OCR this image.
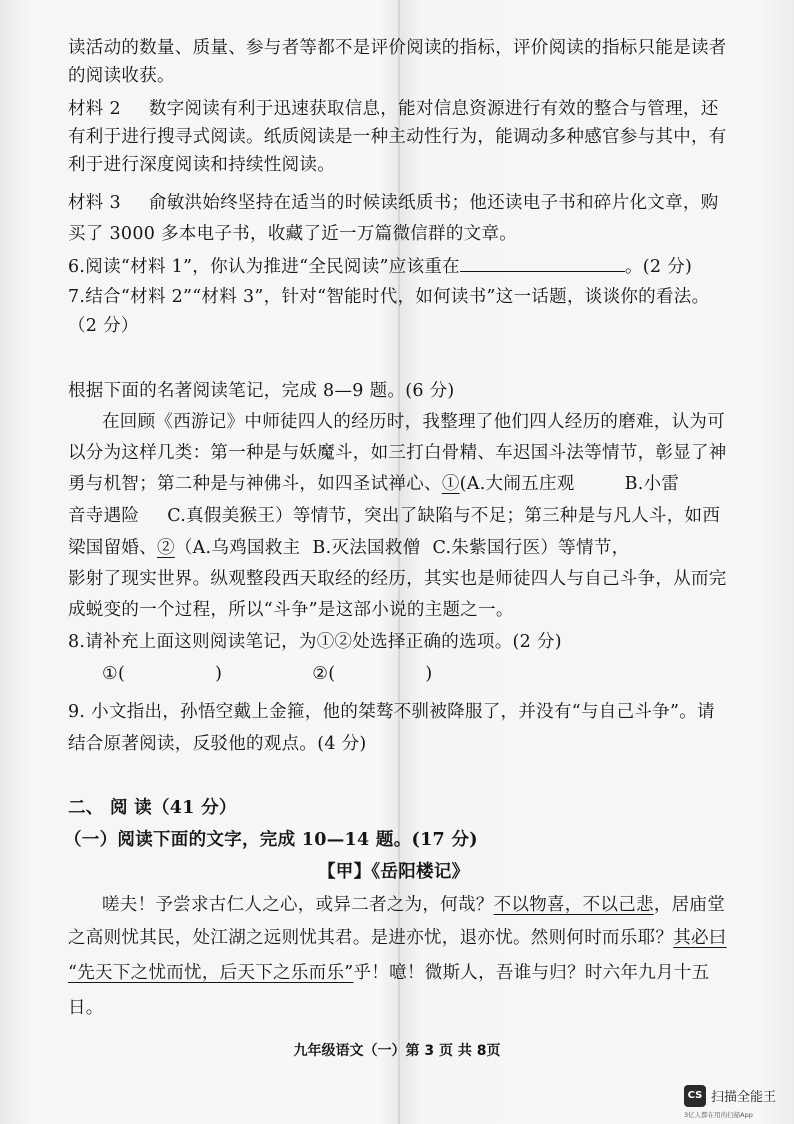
读活动的数量、质量、参与者等都不是评价阅读的指标，评价阅读的指标只能是读者
的阅读收获。
材料 2 数字阅读有利于迅速获取信息，能对信息资源进行有效的整合与管理，还
有利于进行搜寻式阅读。纸质阅读是一种主动性行为，能调动多种感官参与其中，有
利于进行深度阅读和持续性阅读。
材料 3 俞敏洪始终坚持在适当的时候读纸质书；他还读电子书和碎片化文章，购
买了 3000 多本电子书，收藏了近一万篇微信群的文章。
6.阅读“材料 1”，你认为推进“全民阅读”应该重在	。(2 分)
7.结合“材料 2”“材料 3”，针对“智能时代，如何读书”这一话题，谈谈你的看法。
（2 分）
根据下面的名著阅读笔记，完成 8—9 题。(6 分)
在回顾《西游记》中师徒四人的经历时，我整理了他们四人经历的磨难，认为可
以分为这样几类：第一种是与妖魔斗，如三打白骨精、车迟国斗法等情节，彰显了神
勇与机智；第二种是与神佛斗，如四圣试禅心、①(A.大闹五庄观	B.小雷
音寺遇险 C.真假美猴王）等情节，突出了缺陷与不足；第三种是与凡人斗，如西
梁国留婚、②（A.乌鸡国救主 B.灭法国救僧 C.朱紫国行医）等情节，
影射了现实世界。纵观整段西天取经的经历，其实也是师徒四人与自己斗争，从而完
成蜕变的一个过程，所以“斗争”是这部小说的主题之一。
8.请补充上面这则阅读笔记，为①②处选择正确的选项。(2 分)
①(	)	②(	)
9. 小文指出，孙悟空戴上金箍，他的桀骜不驯被降服了，并没有“与自己斗争”。请
结合原著阅读，反驳他的观点。(4 分)
二、 阅 读（41 分）
（一）阅读下面的文字，完成 10—14 题。(17 分)
【甲】《岳阳楼记》
嗟夫！予尝求古仁人之心，或异二者之为，何哉？不以物喜，不以己悲，居庙堂
之高则忧其民，处江湖之远则忧其君。是进亦忧，退亦忧。然则何时而乐耶？其必曰
“先天下之忧而忧，后天下之乐而乐”乎！噫！微斯人，吾谁与归？时六年九月十五
日。
九年级语文（一）第 3 页 共 8页
CS 扫描全能王
3亿人都在用的扫描App
